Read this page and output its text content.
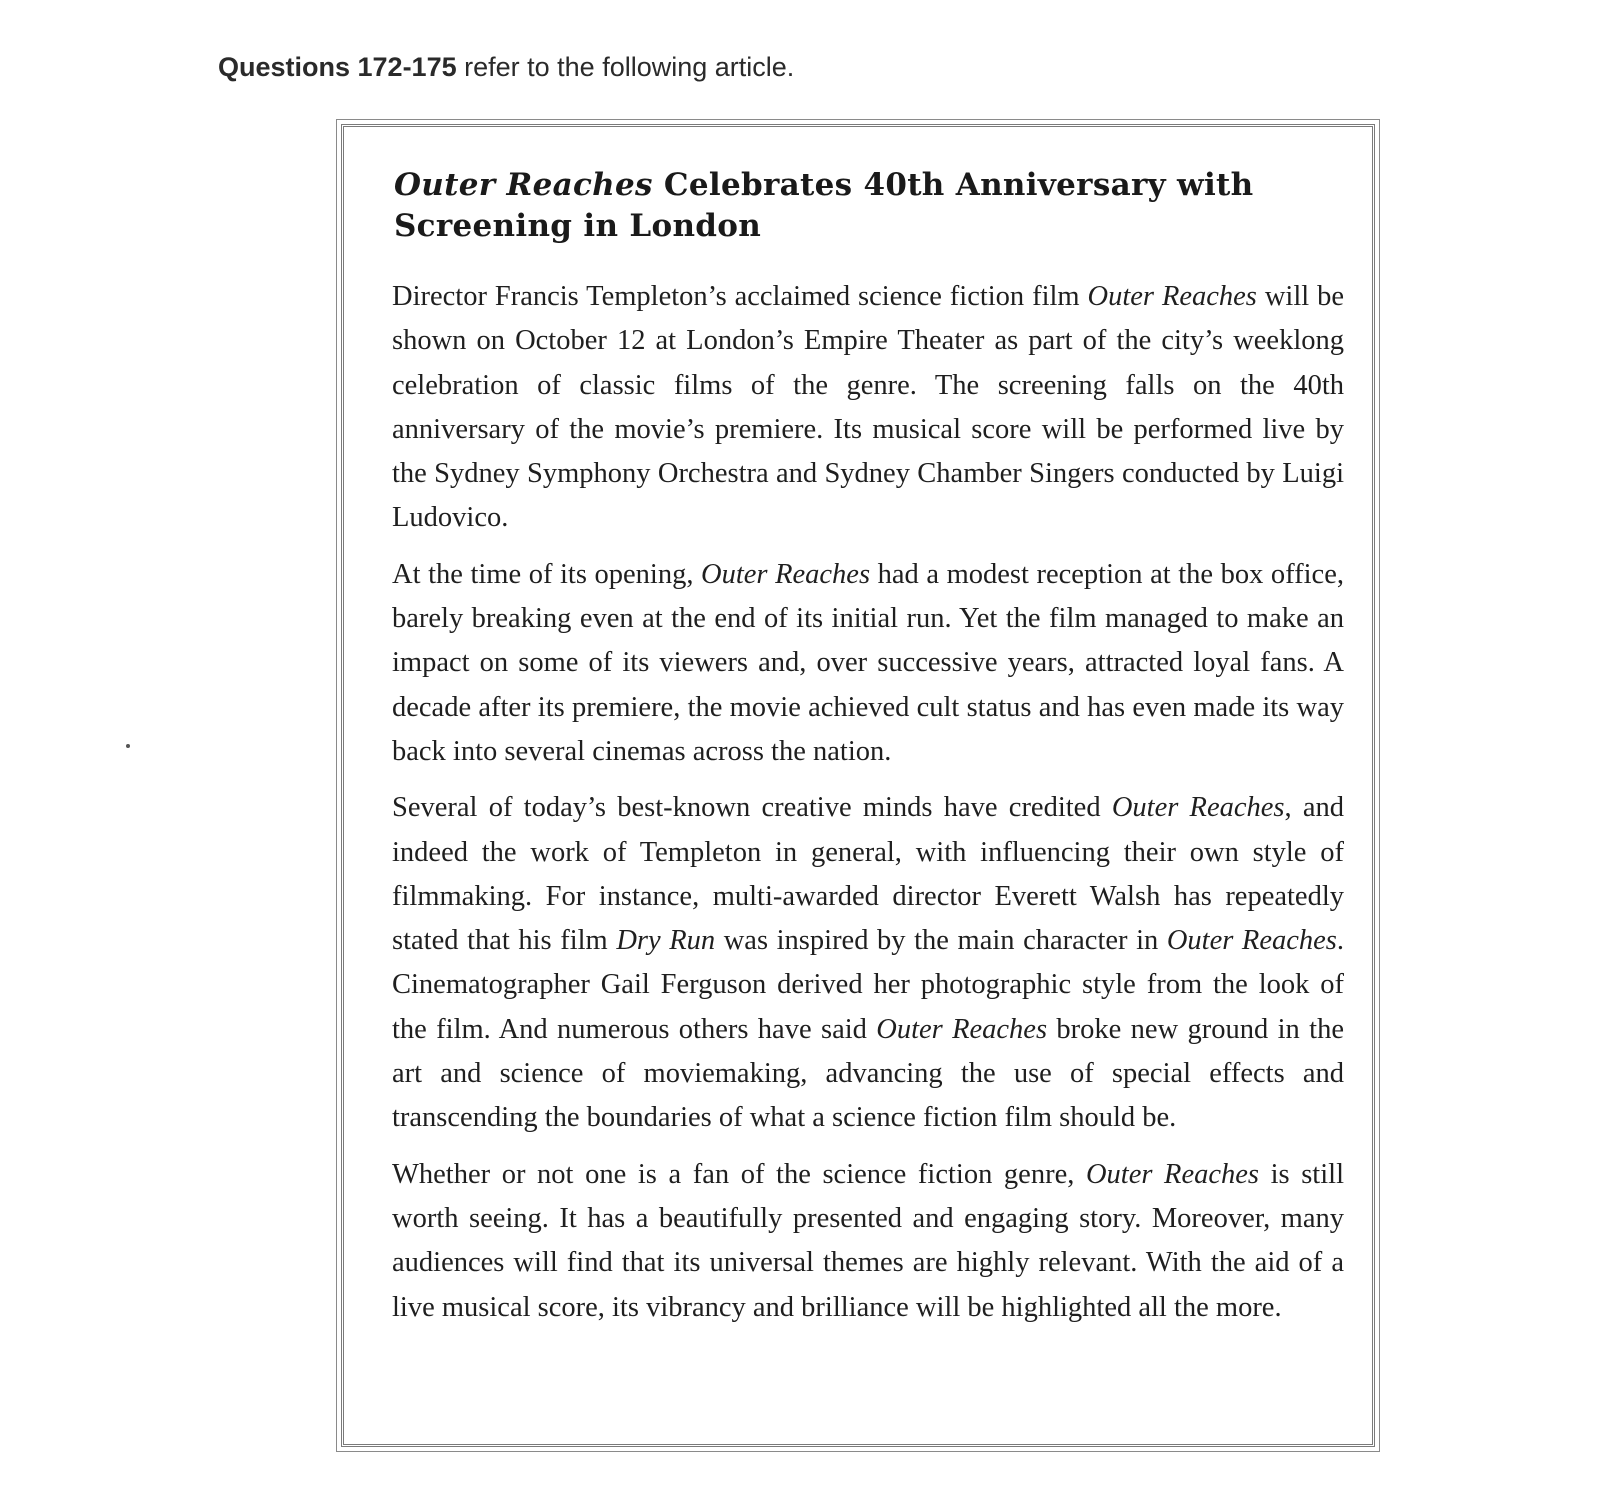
Questions 172-175 refer to the following article.
Outer Reaches Celebrates 40th Anniversary with Screening in London

Director Francis Templeton’s acclaimed science fiction film Outer Reaches will be shown on October 12 at London’s Empire Theater as part of the city’s weeklong celebration of classic films of the genre. The screening falls on the 40th anniversary of the movie’s premiere. Its musical score will be performed live by the Sydney Symphony Orchestra and Sydney Chamber Singers conducted by Luigi Ludovico.

At the time of its opening, Outer Reaches had a modest reception at the box office, barely breaking even at the end of its initial run. Yet the film managed to make an impact on some of its viewers and, over successive years, attracted loyal fans. A decade after its premiere, the movie achieved cult status and has even made its way back into several cinemas across the nation.

Several of today’s best-known creative minds have credited Outer Reaches, and indeed the work of Templeton in general, with influencing their own style of filmmaking. For instance, multi-awarded director Everett Walsh has repeatedly stated that his film Dry Run was inspired by the main character in Outer Reaches. Cinematographer Gail Ferguson derived her photographic style from the look of the film. And numerous others have said Outer Reaches broke new ground in the art and science of moviemaking, advancing the use of special effects and transcending the boundaries of what a science fiction film should be.

Whether or not one is a fan of the science fiction genre, Outer Reaches is still worth seeing. It has a beautifully presented and engaging story. Moreover, many audiences will find that its universal themes are highly relevant. With the aid of a live musical score, its vibrancy and brilliance will be highlighted all the more.
